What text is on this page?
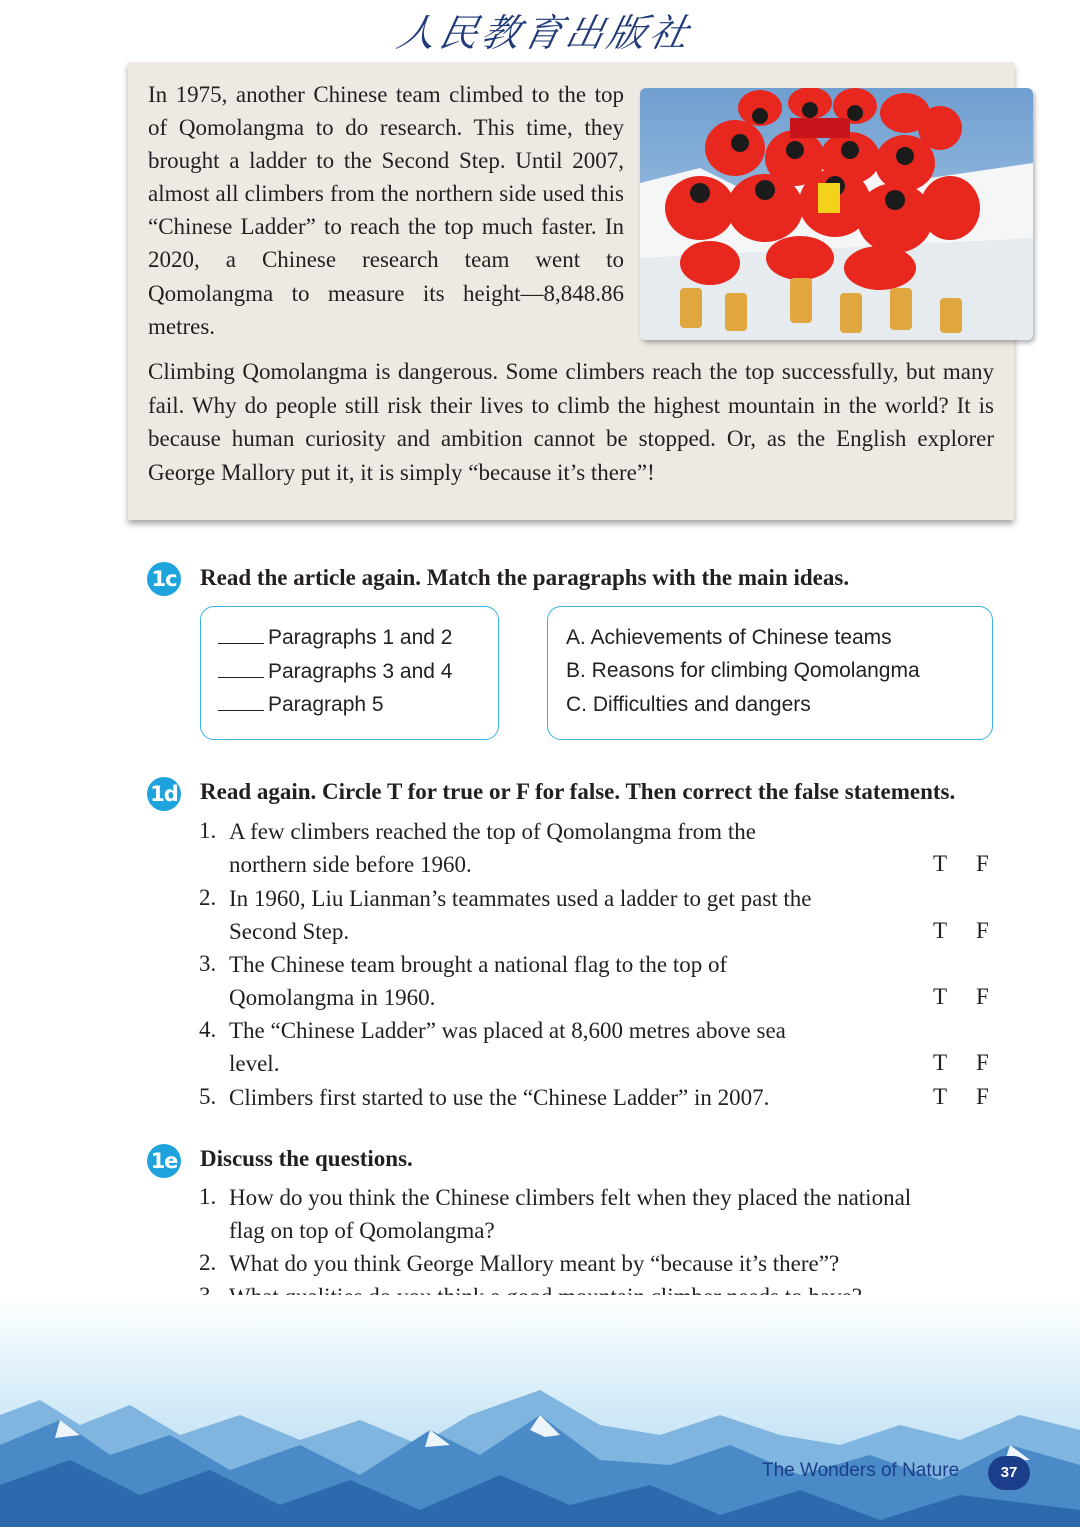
人民教育出版社

In 1975, another Chinese team climbed to the top of Qomolangma to do research. This time, they brought a ladder to the Second Step. Until 2007, almost all climbers from the northern side used this “Chinese Ladder” to reach the top much faster. In 2020, a Chinese research team went to Qomolangma to measure its height—8,848.86 metres.

Climbing Qomolangma is dangerous. Some climbers reach the top successfully, but many fail. Why do people still risk their lives to climb the highest mountain in the world? It is because human curiosity and ambition cannot be stopped. Or, as the English explorer George Mallory put it, it is simply “because it’s there”!

1c Read the article again. Match the paragraphs with the main ideas.
Paragraphs 1 and 2
Paragraphs 3 and 4
Paragraph 5
A. Achievements of Chinese teams
B. Reasons for climbing Qomolangma
C. Difficulties and dangers
1d Read again. Circle T for true or F for false. Then correct the false statements.
1. A few climbers reached the top of Qomolangma from the
northern side before 1960.	T F
2. In 1960, Liu Lianman’s teammates used a ladder to get past the
Second Step.	T F
3. The Chinese team brought a national flag to the top of
Qomolangma in 1960.	T F
4. The “Chinese Ladder” was placed at 8,600 metres above sea
level.	T F
5. Climbers first started to use the “Chinese Ladder” in 2007.	T F
1e Discuss the questions.
1. How do you think the Chinese climbers felt when they placed the national
flag on top of Qomolangma?
2. What do you think George Mallory meant by “because it’s there”?
The Wonders of Nature	37
